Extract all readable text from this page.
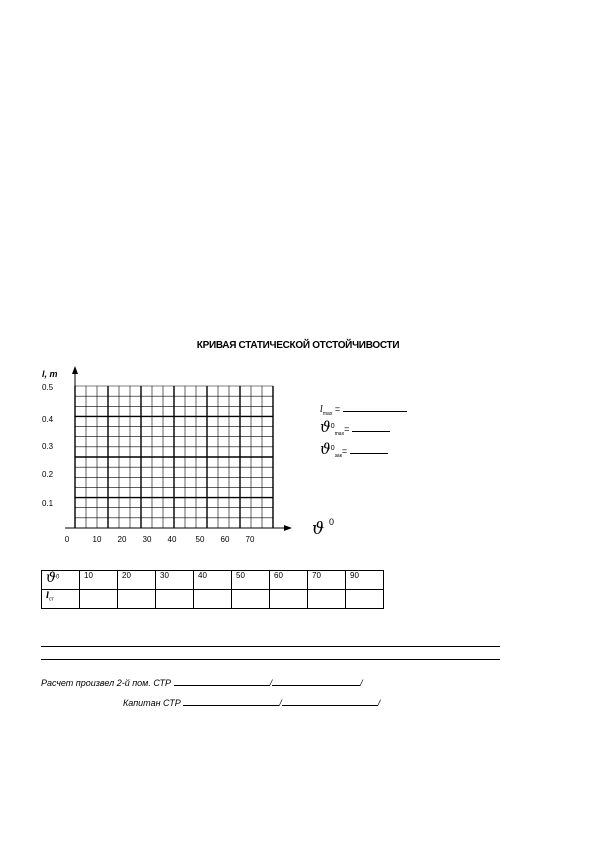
КРИВАЯ СТАТИЧЕСКОЙ ОТСТОЙЧИВОСТИ
l, m
0.1
0.2
0.3
0.4
0.5
0	10 20 30 40 50 60 70
ϑ 0
$l_{max}$ =
$ϑ^0_{max}=$
$ϑ^0_{зак}=$
$ϑ^0$	10	20	30	40	50	60	70	90
$l_{ст}$								
Расчет произвел 2-й пом. СТР	/	/
Капитан СТР	/	/
